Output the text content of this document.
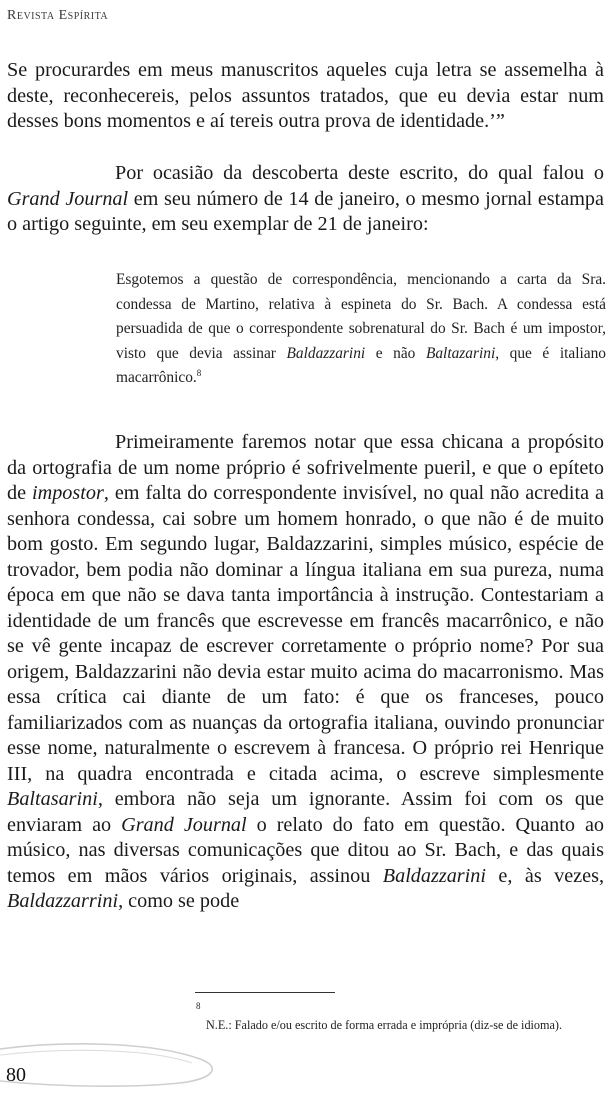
Revista Espírita

Se procurardes em meus manuscritos aqueles cuja letra se assemelha à deste, reconhecereis, pelos assuntos tratados, que eu devia estar num desses bons momentos e aí tereis outra prova de identidade.’”

Por ocasião da descoberta deste escrito, do qual falou o Grand Journal em seu número de 14 de janeiro, o mesmo jornal estampa o artigo seguinte, em seu exemplar de 21 de janeiro:

Esgotemos a questão de correspondência, mencionando a carta da Sra. condessa de Martino, relativa à espineta do Sr. Bach. A condessa está persuadida de que o correspondente sobrenatural do Sr. Bach é um impostor, visto que devia assinar Baldazzarini e não Baltazarini, que é italiano macarrônico.$^8$

Primeiramente faremos notar que essa chicana a propósito da ortografia de um nome próprio é sofrivelmente pueril, e que o epíteto de impostor, em falta do correspondente invisível, no qual não acredita a senhora condessa, cai sobre um homem honrado, o que não é de muito bom gosto. Em segundo lugar, Baldazzarini, simples músico, espécie de trovador, bem podia não dominar a língua italiana em sua pureza, numa época em que não se dava tanta importância à instrução. Contestariam a identidade de um francês que escrevesse em francês macarrônico, e não se vê gente incapaz de escrever corretamente o próprio nome? Por sua origem, Baldazzarini não devia estar muito acima do macarronismo. Mas essa crítica cai diante de um fato: é que os franceses, pouco familiarizados com as nuanças da ortografia italiana, ouvindo pronunciar esse nome, naturalmente o escrevem à francesa. O próprio rei Henrique III, na quadra encontrada e citada acima, o escreve simplesmente Baltasarini, embora não seja um ignorante. Assim foi com os que enviaram ao Grand Journal o relato do fato em questão. Quanto ao músico, nas diversas comunicações que ditou ao Sr. Bach, e das quais temos em mãos vários originais, assinou Baldazzarini e, às vezes, Baldazzarrini, como se pode

8N.E.: Falado e/ou escrito de forma errada e imprópria (diz-se de idioma).
80
